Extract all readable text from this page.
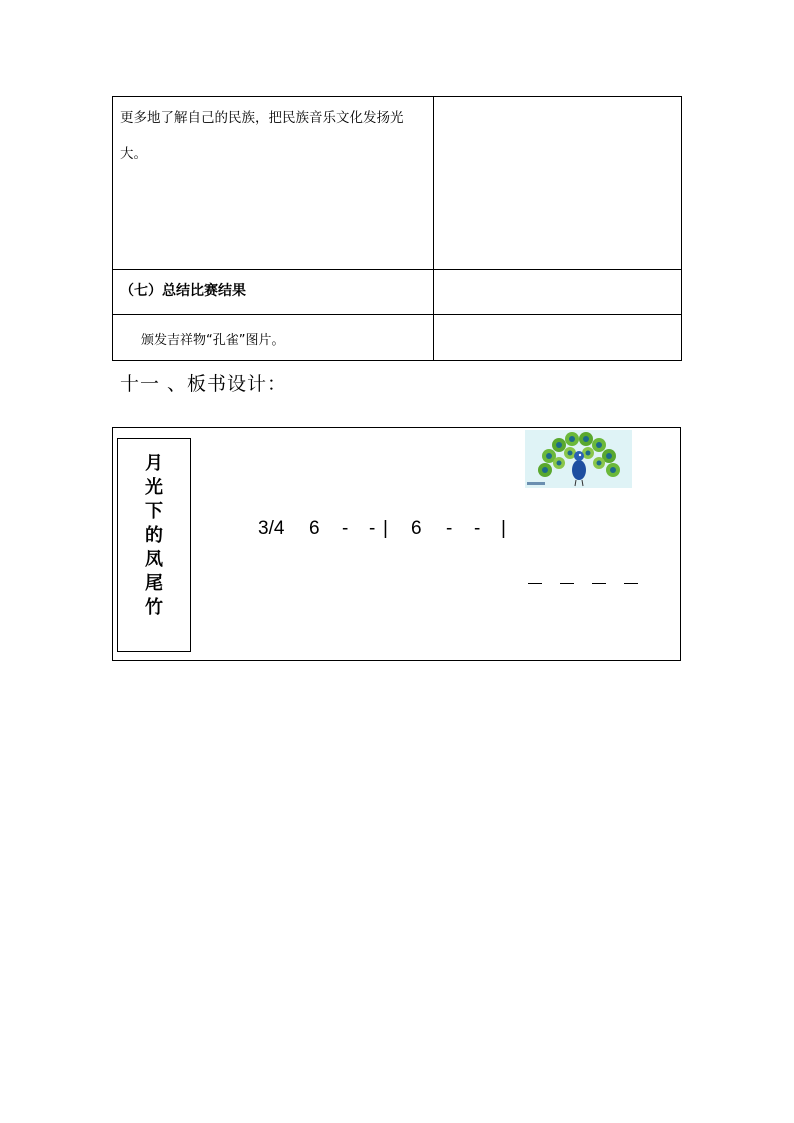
更多地了解自己的民族，把民族音乐文化发扬光大。	

（七）总结比赛结果	

颁发吉祥物“孔雀”图片。	

十一 、板书设计：
月
光
下
的
凤
尾
竹
3/4 6 - - | 6 - - |
